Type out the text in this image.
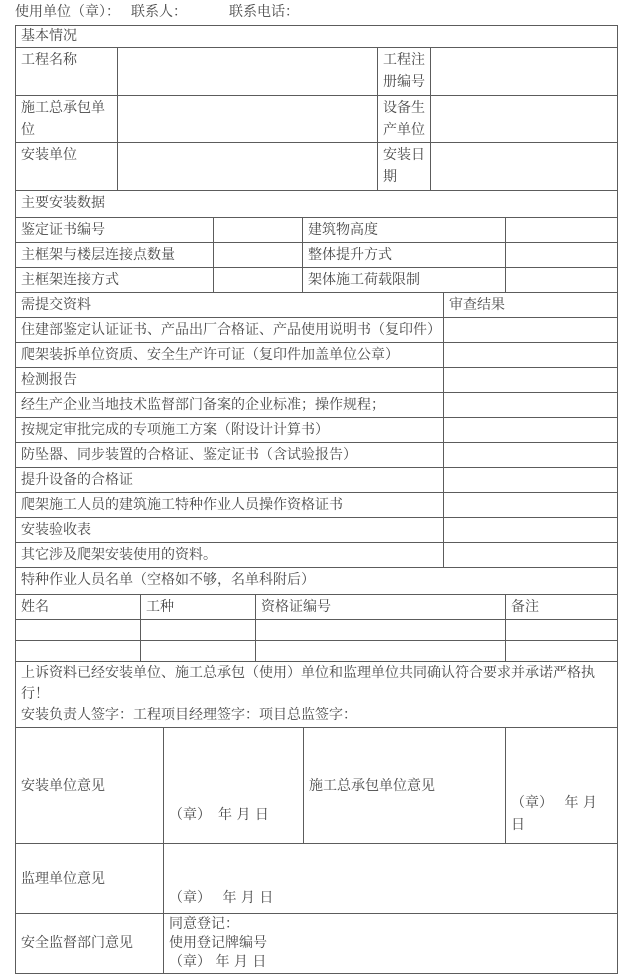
使用单位（章）： 联系人：	联系电话：
基本情况			
工程名称		工程注册编号	
施工总承包单位		设备生产单位	
安装单位		安装日期	
主要安装数据			
鉴定证书编号		建筑物高度	
主框架与楼层连接点数量		整体提升方式	
主框架连接方式		架体施工荷载限制	
需提交资料	审查结果
住建部鉴定认证证书、产品出厂合格证、产品使用说明书（复印件）	
爬架装拆单位资质、安全生产许可证（复印件加盖单位公章）	
检测报告	
经生产企业当地技术监督部门备案的企业标准；操作规程；	
按规定审批完成的专项施工方案（附设计计算书）	
防坠器、同步装置的合格证、鉴定证书（含试验报告）	
提升设备的合格证	
爬架施工人员的建筑施工特种作业人员操作资格证书	
安装验收表	
其它涉及爬架安装使用的资料。	
特种作业人员名单（空格如不够，名单科附后）			
姓名	工种	资格证编号	备注

上诉资料已经安装单位、施工总承包（使用）单位和监理单位共同确认符合要求并承诺严格执行！
安装负责人签字：工程项目经理签字：项目总监签字：
安装单位意见	（章）　年 月 日	施工总承包单位意见	（章）　 年 月 日
监理单位意见	（章）　 年 月 日		
安全监督部门意见	同意登记：
使用登记牌编号
（章） 年 月 日		
